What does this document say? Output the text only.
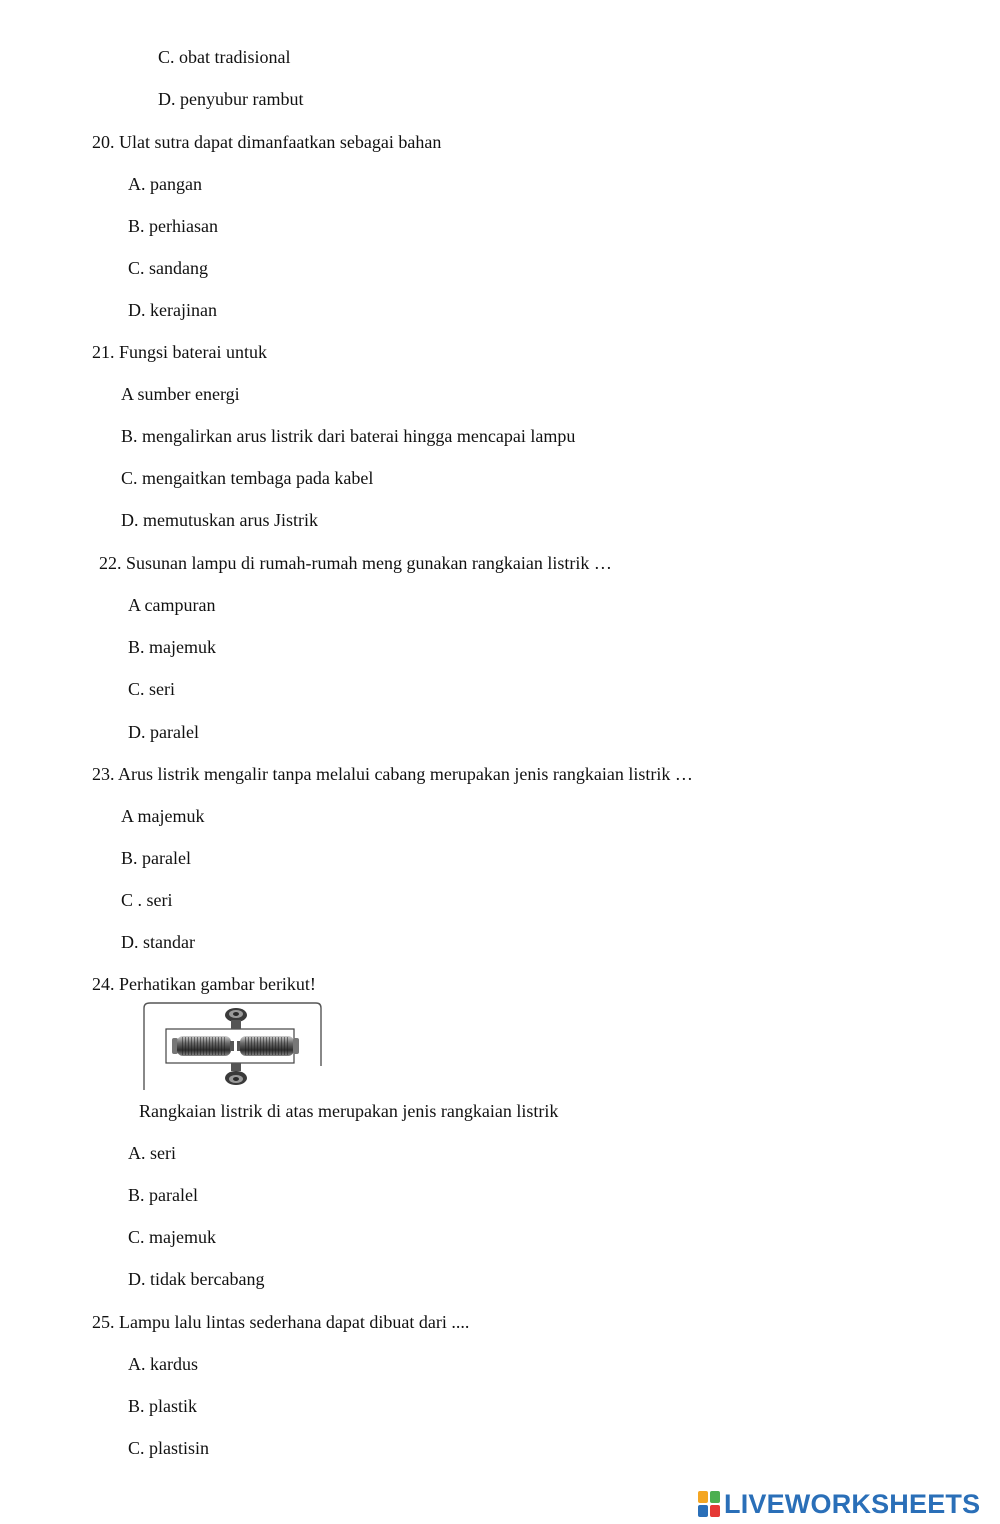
C. obat tradisional
D. penyubur rambut
20. Ulat sutra dapat dimanfaatkan sebagai bahan
A. pangan
B. perhiasan
C. sandang
D. kerajinan
21. Fungsi baterai untuk
A sumber energi
B. mengalirkan arus listrik dari baterai hingga mencapai lampu
C. mengaitkan tembaga pada kabel
D. memutuskan arus Jistrik
22. Susunan lampu di rumah-rumah meng gunakan rangkaian listrik …
A campuran
B. majemuk
C. seri
D. paralel
23. Arus listrik mengalir tanpa melalui cabang merupakan jenis rangkaian listrik …
A majemuk
B. paralel
C . seri
D. standar
24. Perhatikan gambar berikut!
Rangkaian listrik di atas merupakan jenis rangkaian listrik
A. seri
B. paralel
C. majemuk
D. tidak bercabang
25. Lampu lalu lintas sederhana dapat dibuat dari ....
A. kardus
B. plastik
C. plastisin
LIVEWORKSHEETS
